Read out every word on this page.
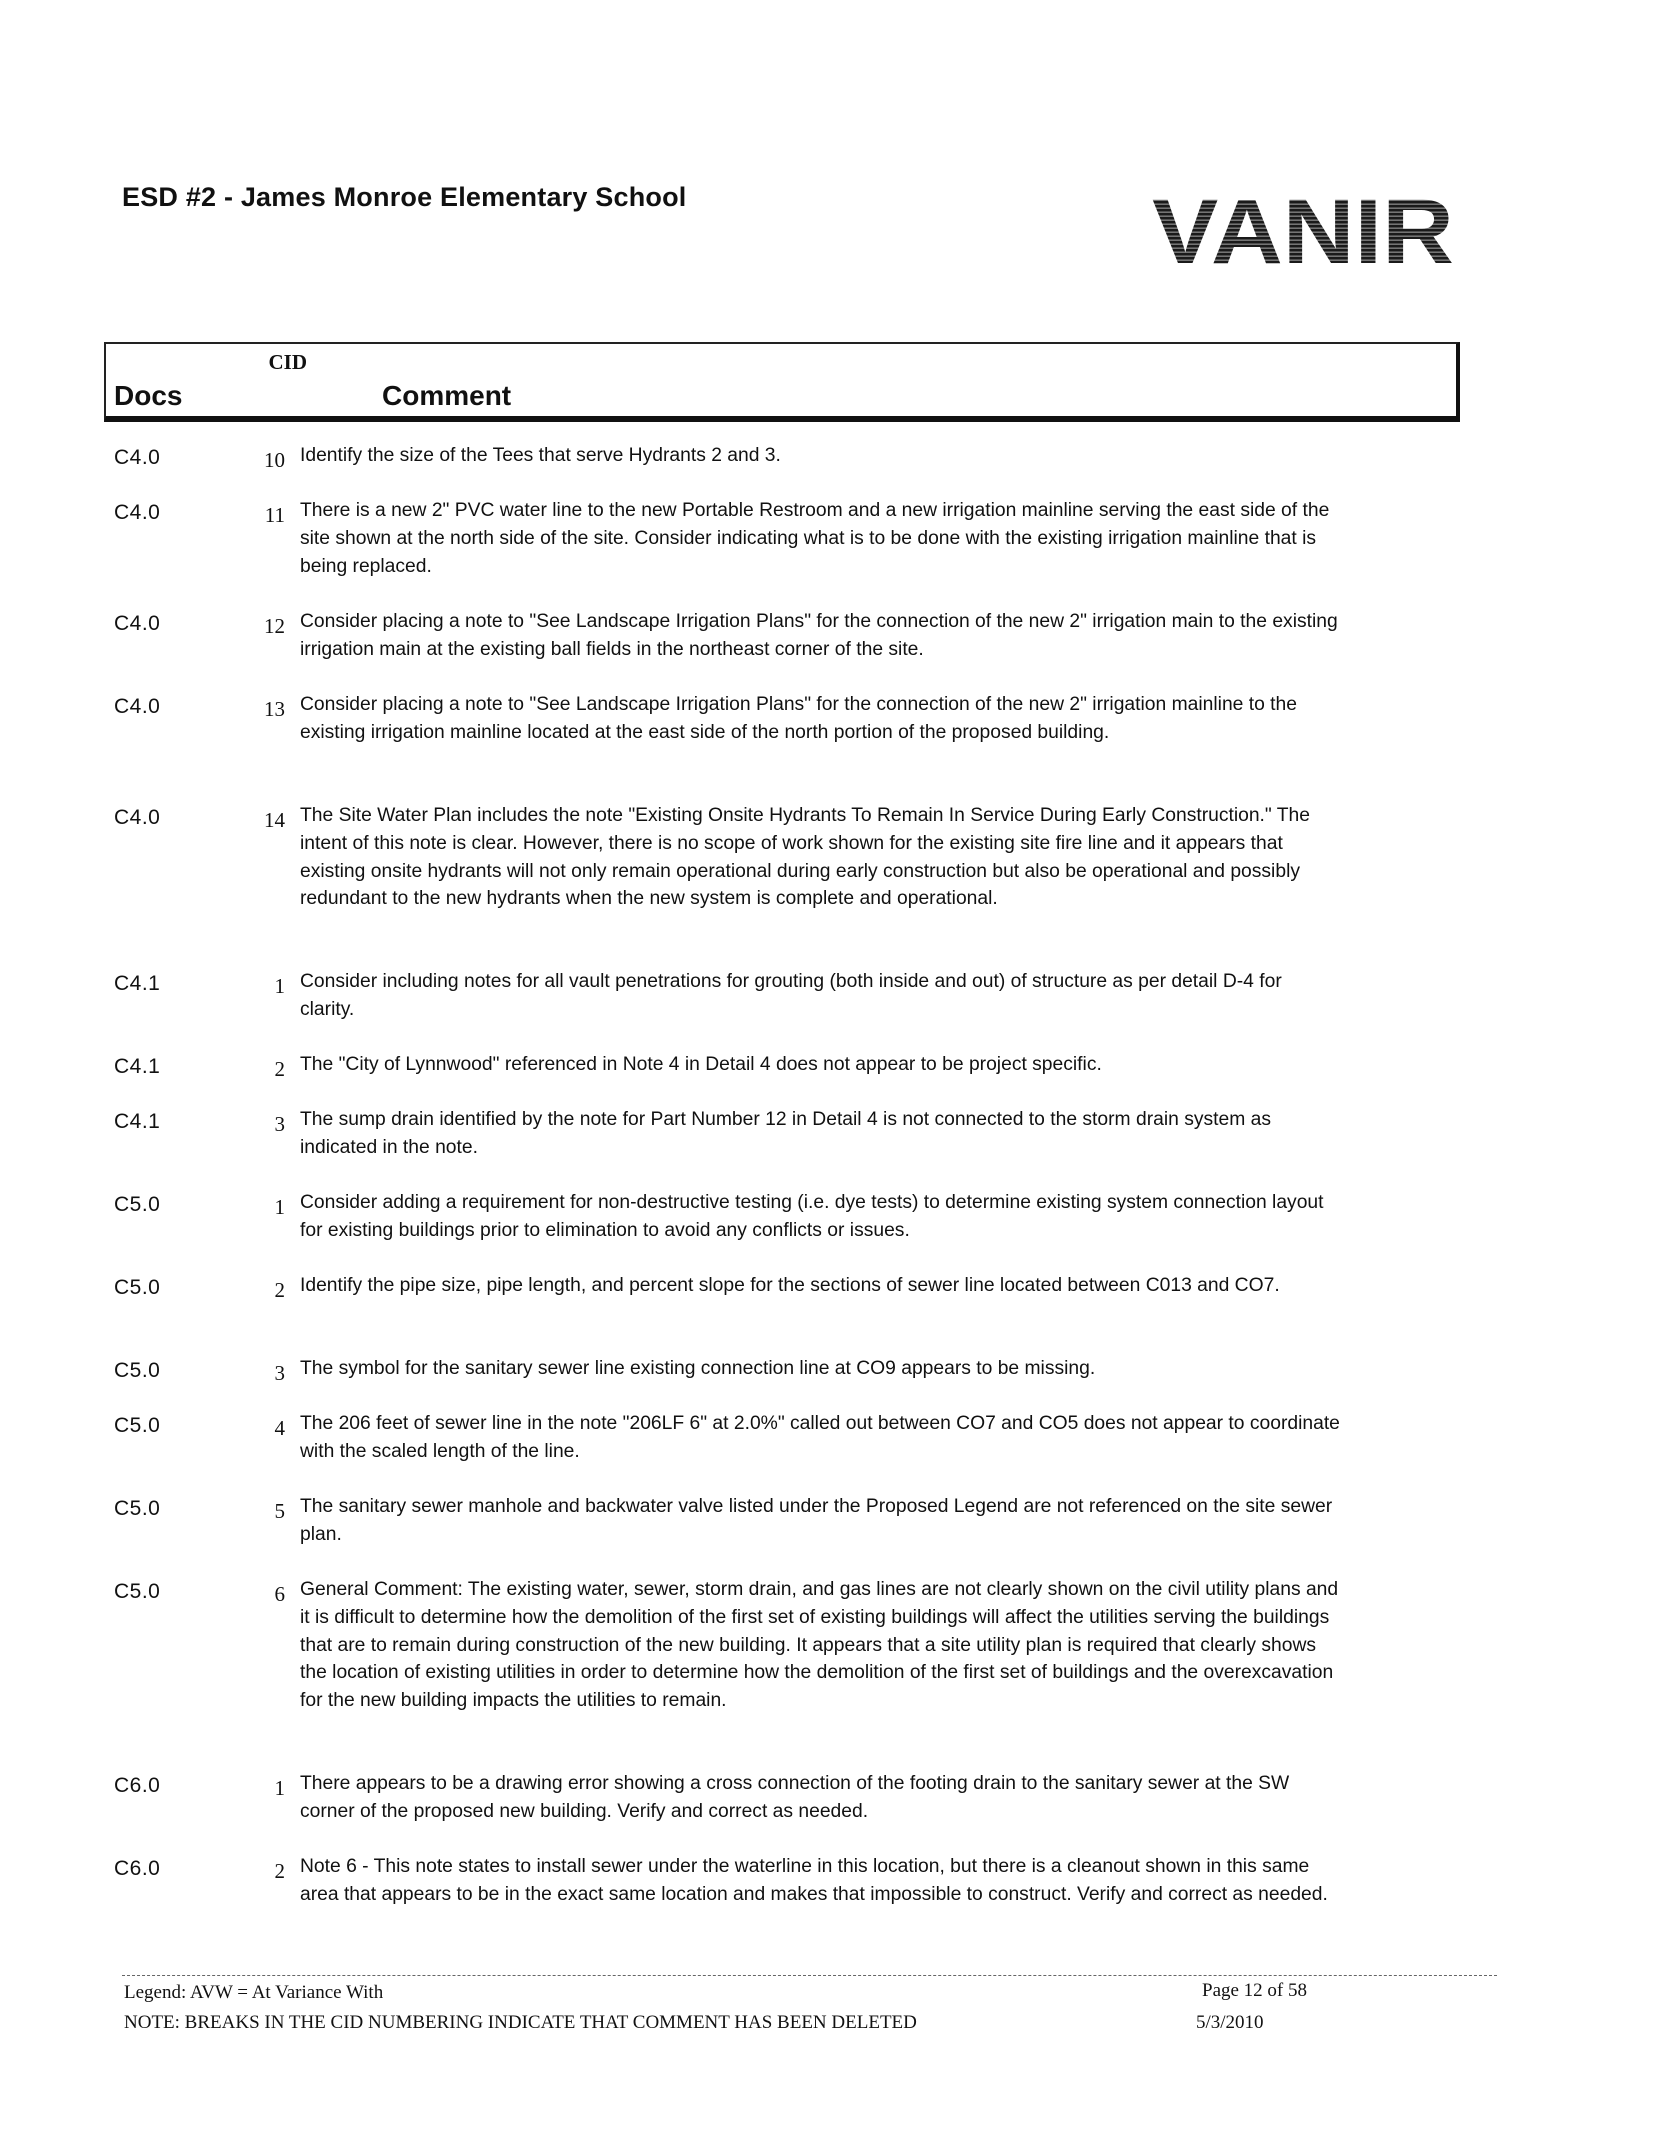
ESD #2 - James Monroe Elementary School	VANIR
Docs
CID
Comment
C4.0	10 Identify the size of the Tees that serve Hydrants 2 and 3.
C4.0	11 There is a new 2" PVC water line to the new Portable Restroom and a new irrigation mainline serving the east side of the site shown at the north side of the site. Consider indicating what is to be done with the existing irrigation mainline that is being replaced.
C4.0	12 Consider placing a note to "See Landscape Irrigation Plans" for the connection of the new 2" irrigation main to the existing irrigation main at the existing ball fields in the northeast corner of the site.
C4.0	13 Consider placing a note to "See Landscape Irrigation Plans" for the connection of the new 2" irrigation mainline to the existing irrigation mainline located at the east side of the north portion of the proposed building.
C4.0	14 The Site Water Plan includes the note "Existing Onsite Hydrants To Remain In Service During Early Construction." The intent of this note is clear. However, there is no scope of work shown for the existing site fire line and it appears that existing onsite hydrants will not only remain operational during early construction but also be operational and possibly redundant to the new hydrants when the new system is complete and operational.
C4.1	1 Consider including notes for all vault penetrations for grouting (both inside and out) of structure as per detail D-4 for clarity.
C4.1	2 The "City of Lynnwood" referenced in Note 4 in Detail 4 does not appear to be project specific.
C4.1	3 The sump drain identified by the note for Part Number 12 in Detail 4 is not connected to the storm drain system as indicated in the note.
C5.0	1 Consider adding a requirement for non-destructive testing (i.e. dye tests) to determine existing system connection layout for existing buildings prior to elimination to avoid any conflicts or issues.
C5.0	2 Identify the pipe size, pipe length, and percent slope for the sections of sewer line located between C013 and CO7.
C5.0	3 The symbol for the sanitary sewer line existing connection line at CO9 appears to be missing.
C5.0	4 The 206 feet of sewer line in the note "206LF 6" at 2.0%" called out between CO7 and CO5 does not appear to coordinate with the scaled length of the line.
C5.0	5 The sanitary sewer manhole and backwater valve listed under the Proposed Legend are not referenced on the site sewer plan.
C5.0	6 General Comment: The existing water, sewer, storm drain, and gas lines are not clearly shown on the civil utility plans and it is difficult to determine how the demolition of the first set of existing buildings will affect the utilities serving the buildings that are to remain during construction of the new building. It appears that a site utility plan is required that clearly shows the location of existing utilities in order to determine how the demolition of the first set of buildings and the overexcavation for the new building impacts the utilities to remain.
C6.0	1 There appears to be a drawing error showing a cross connection of the footing drain to the sanitary sewer at the SW corner of the proposed new building. Verify and correct as needed.
C6.0	2 Note 6 - This note states to install sewer under the waterline in this location, but there is a cleanout shown in this same area that appears to be in the exact same location and makes that impossible to construct. Verify and correct as needed.
Legend: AVW = At Variance With
NOTE: BREAKS IN THE CID NUMBERING INDICATE THAT COMMENT HAS BEEN DELETED
Page 12 of 58
5/3/2010
